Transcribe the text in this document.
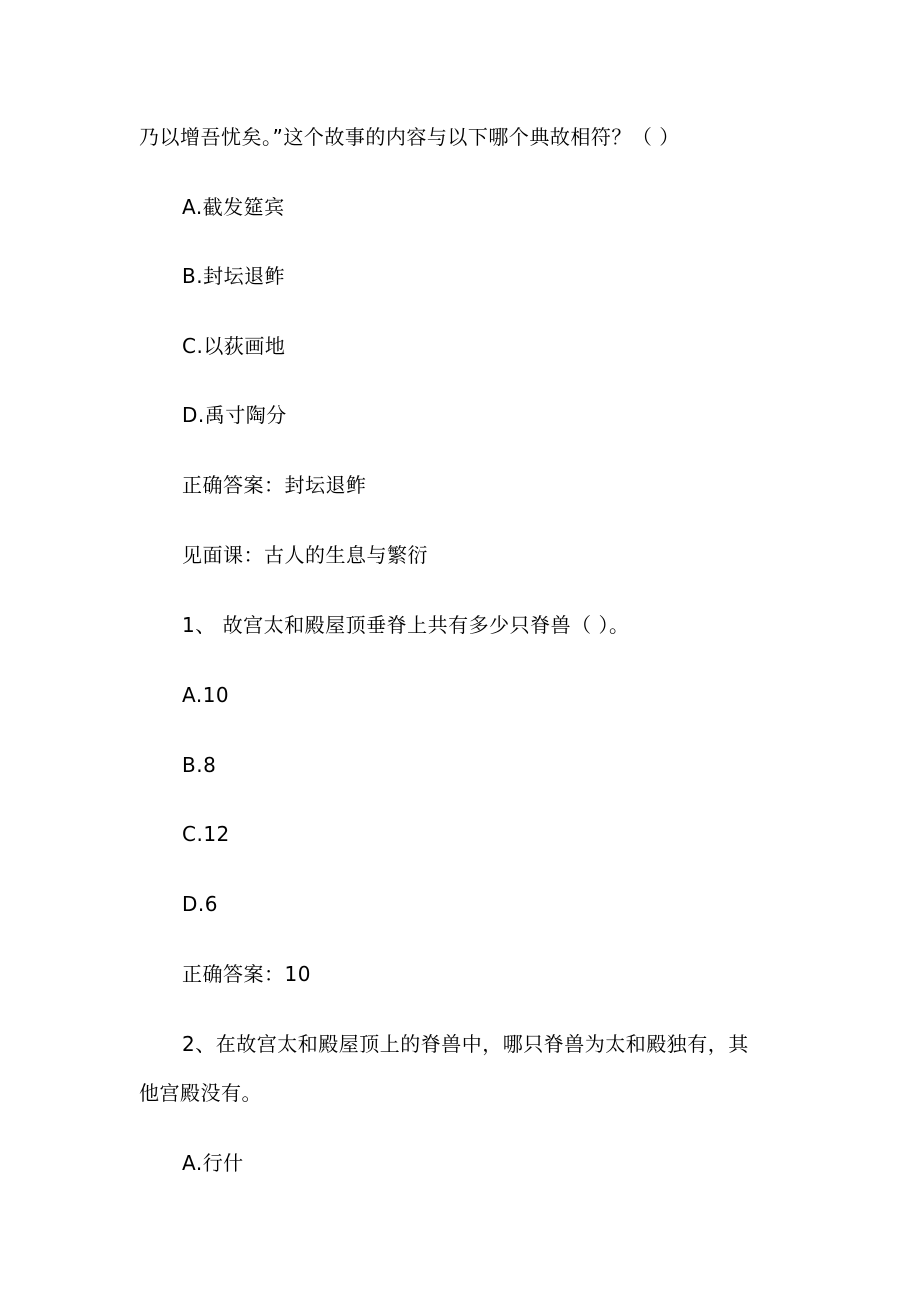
乃以增吾忧矣。”这个故事的内容与以下哪个典故相符？（ ）
A.截发筵宾
B.封坛退鲊
C.以荻画地
D.禹寸陶分
正确答案：封坛退鲊
见面课：古人的生息与繁衍
1、 故宫太和殿屋顶垂脊上共有多少只脊兽（ ）。
A.10
B.8
C.12
D.6
正确答案：10
2、在故宫太和殿屋顶上的脊兽中，哪只脊兽为太和殿独有，其
他宫殿没有。
A.行什
